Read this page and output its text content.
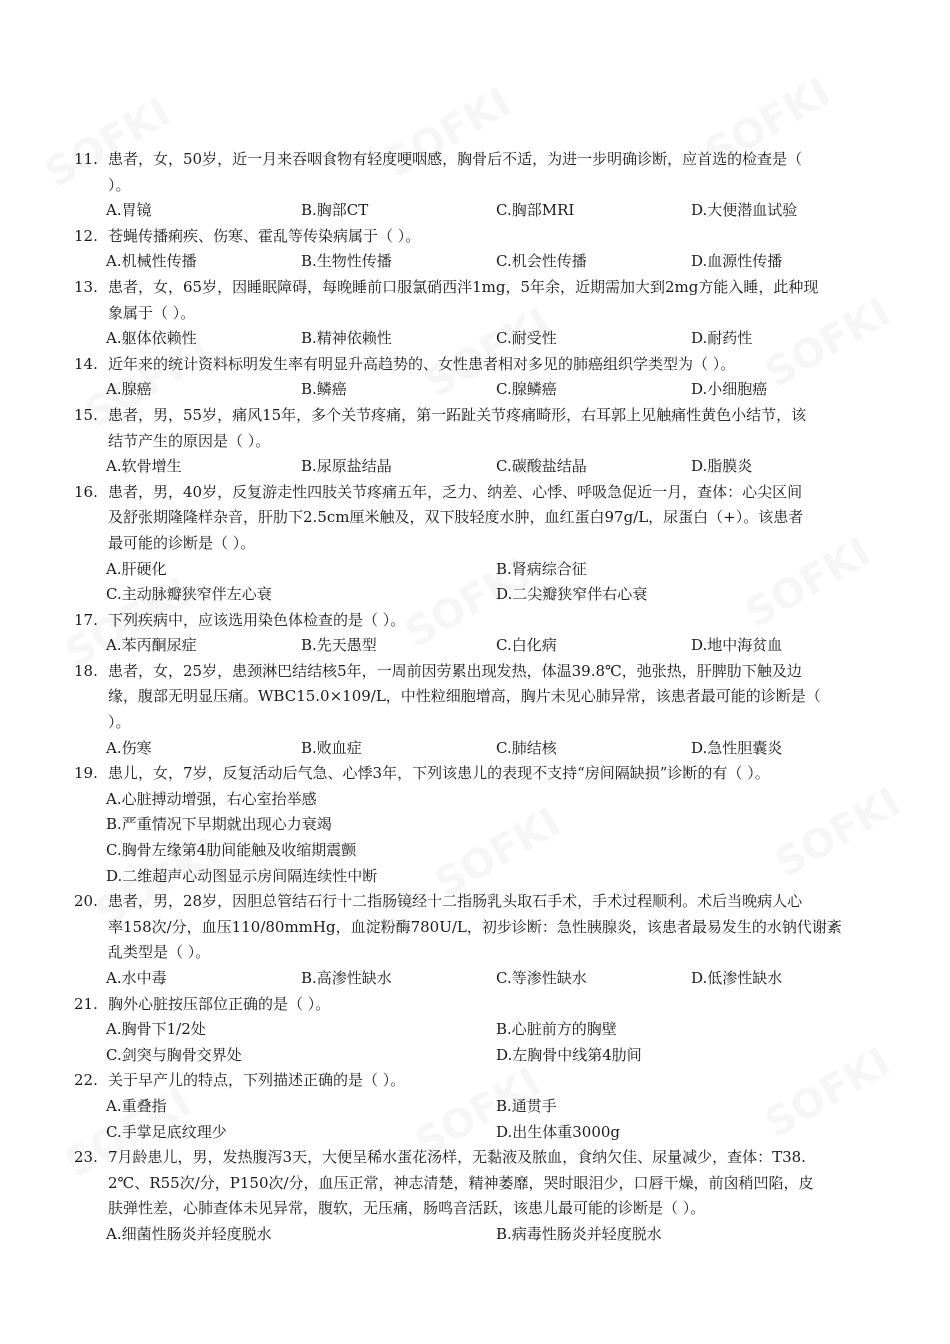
11. 患者，女，50岁，近一月来吞咽食物有轻度哽咽感，胸骨后不适，为进一步明确诊断，应首选的检查是（
）。
A.胃镜	B.胸部CT	C.胸部MRI	D.大便潜血试验
12. 苍蝇传播痢疾、伤寒、霍乱等传染病属于（ ）。
A.机械性传播	B.生物性传播	C.机会性传播	D.血源性传播
13. 患者，女，65岁，因睡眠障碍，每晚睡前口服氯硝西泮1mg，5年余，近期需加大到2mg方能入睡，此种现
象属于（ ）。
A.躯体依赖性	B.精神依赖性	C.耐受性	D.耐药性
14. 近年来的统计资料标明发生率有明显升高趋势的、女性患者相对多见的肺癌组织学类型为（ ）。
A.腺癌	B.鳞癌	C.腺鳞癌	D.小细胞癌
15. 患者，男，55岁，痛风15年，多个关节疼痛，第一跖趾关节疼痛畸形，右耳郭上见触痛性黄色小结节，该
结节产生的原因是（ ）。
A.软骨增生	B.尿原盐结晶	C.碳酸盐结晶	D.脂膜炎
16. 患者，男，40岁，反复游走性四肢关节疼痛五年，乏力、纳差、心悸、呼吸急促近一月，查体：心尖区间
及舒张期隆隆样杂音，肝肋下2.5cm厘米触及，双下肢轻度水肿，血红蛋白97g/L，尿蛋白（+）。该患者
最可能的诊断是（ ）。
A.肝硬化	B.肾病综合征
C.主动脉瓣狭窄伴左心衰	D.二尖瓣狭窄伴右心衰
17. 下列疾病中，应该选用染色体检查的是（ ）。
A.苯丙酮尿症	B.先天愚型	C.白化病	D.地中海贫血
18. 患者，女，25岁，患颈淋巴结结核5年，一周前因劳累出现发热，体温39.8℃，弛张热，肝脾肋下触及边
缘，腹部无明显压痛。WBC15.0×109/L，中性粒细胞增高，胸片未见心肺异常，该患者最可能的诊断是（
）。
A.伤寒	B.败血症	C.肺结核	D.急性胆囊炎
19. 患儿，女，7岁，反复活动后气急、心悸3年，下列该患儿的表现不支持“房间隔缺损”诊断的有（ ）。
A.心脏搏动增强，右心室抬举感
B.严重情况下早期就出现心力衰竭
C.胸骨左缘第4肋间能触及收缩期震颤
D.二维超声心动图显示房间隔连续性中断
20. 患者，男，28岁，因胆总管结石行十二指肠镜经十二指肠乳头取石手术，手术过程顺利。术后当晚病人心
率158次/分，血压110/80mmHg，血淀粉酶780U/L，初步诊断：急性胰腺炎，该患者最易发生的水钠代谢紊
乱类型是（ ）。
A.水中毒	B.高渗性缺水	C.等渗性缺水	D.低渗性缺水
21. 胸外心脏按压部位正确的是（ ）。
A.胸骨下1/2处	B.心脏前方的胸壁
C.剑突与胸骨交界处	D.左胸骨中线第4肋间
22. 关于早产儿的特点，下列描述正确的是（ ）。
A.重叠指	B.通贯手
C.手掌足底纹理少	D.出生体重3000g
23. 7月龄患儿，男，发热腹泻3天，大便呈稀水蛋花汤样，无黏液及脓血，食纳欠佳、尿量减少，查体：T38.
2℃、R55次/分，P150次/分，血压正常，神志清楚，精神萎靡，哭时眼泪少，口唇干燥，前囟稍凹陷，皮
肤弹性差，心肺查体未见异常，腹软，无压痛，肠鸣音活跃，该患儿最可能的诊断是（ ）。
A.细菌性肠炎并轻度脱水	B.病毒性肠炎并轻度脱水
